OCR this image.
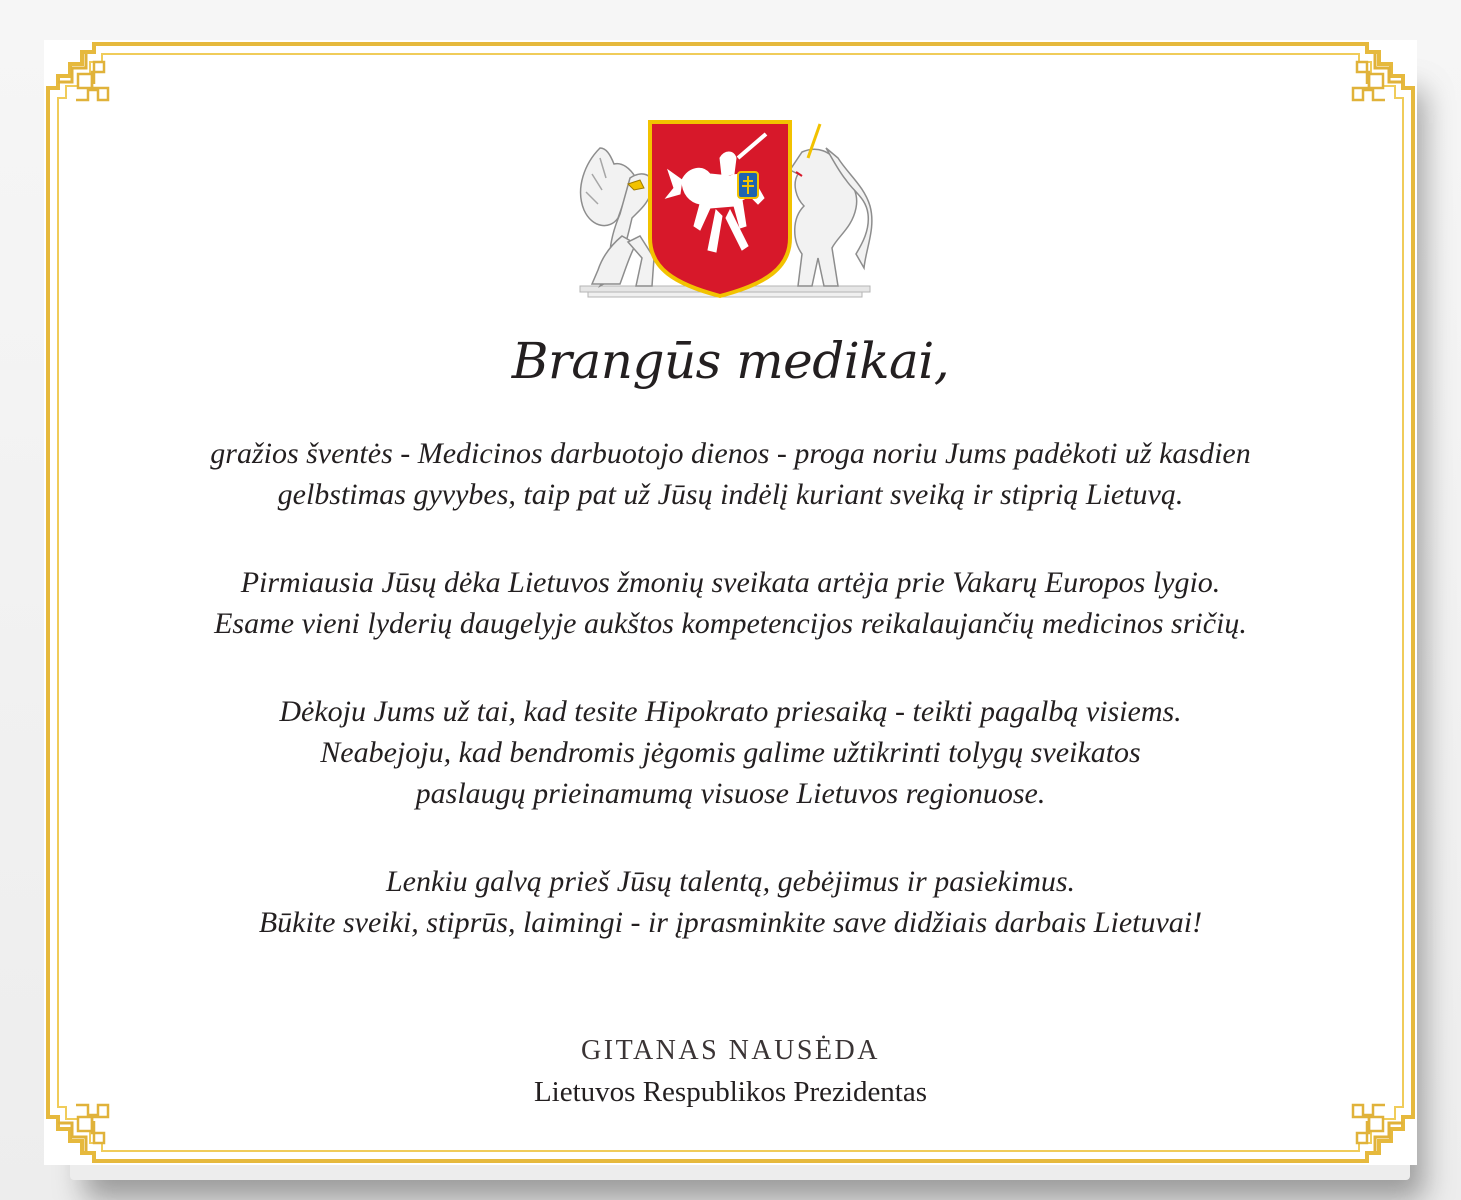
Brangūs medikai,
gražios šventės - Medicinos darbuotojo dienos - proga noriu Jums padėkoti už kasdien
gelbstimas gyvybes, taip pat už Jūsų indėlį kuriant sveiką ir stiprią Lietuvą.
Pirmiausia Jūsų dėka Lietuvos žmonių sveikata artėja prie Vakarų Europos lygio.
Esame vieni lyderių daugelyje aukštos kompetencijos reikalaujančių medicinos sričių.
Dėkoju Jums už tai, kad tesite Hipokrato priesaiką - teikti pagalbą visiems.
Neabejoju, kad bendromis jėgomis galime užtikrinti tolygų sveikatos
paslaugų prieinamumą visuose Lietuvos regionuose.
Lenkiu galvą prieš Jūsų talentą, gebėjimus ir pasiekimus.
Būkite sveiki, stiprūs, laimingi - ir įprasminkite save didžiais darbais Lietuvai!
GITANAS NAUSĖDA
Lietuvos Respublikos Prezidentas
